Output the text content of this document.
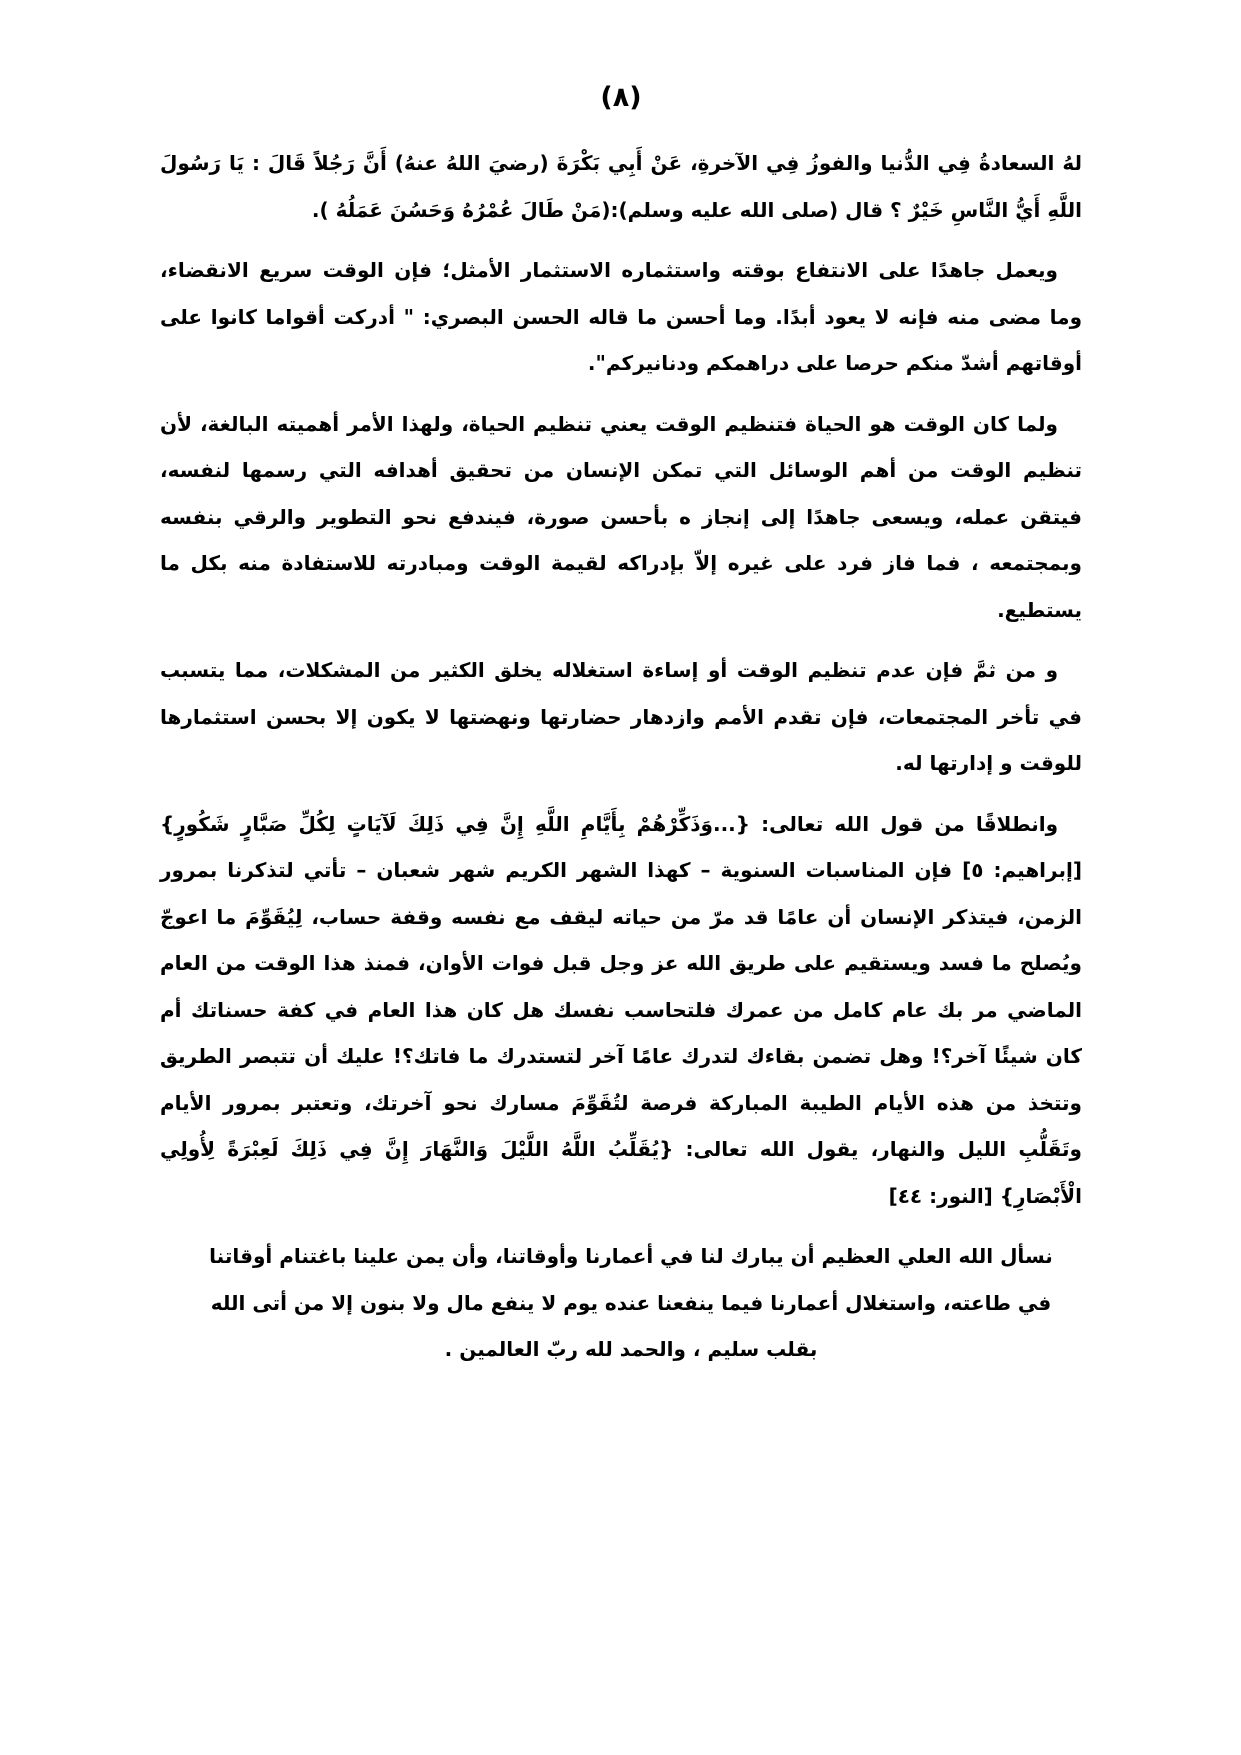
(٨)

لهُ السعادةُ فِي الدُّنيا والفوزُ فِي الآخرةِ، عَنْ أَبِي بَكْرَةَ (رضيَ اللهُ عنهُ) أَنَّ رَجُلاً قَالَ : يَا رَسُولَ اللَّهِ أَيُّ النَّاسِ خَيْرٌ ؟ قال (صلى الله عليه وسلم):(مَنْ طَالَ عُمْرُهُ وَحَسُنَ عَمَلُهُ ).

ويعمل جاهدًا على الانتفاع بوقته واستثماره الاستثمار الأمثل؛ فإن الوقت سريع الانقضاء، وما مضى منه فإنه لا يعود أبدًا. وما أحسن ما قاله الحسن البصري: " أدركت أقواما كانوا على أوقاتهم أشدّ منكم حرصا على دراهمكم ودنانيركم".

ولما كان الوقت هو الحياة فتنظيم الوقت يعني تنظيم الحياة، ولهذا الأمر أهميته البالغة، لأن تنظيم الوقت من أهم الوسائل التي تمكن الإنسان من تحقيق أهدافه التي رسمها لنفسه، فيتقن عمله، ويسعى جاهدًا إلى إنجاز ه بأحسن صورة، فيندفع نحو التطوير والرقي بنفسه وبمجتمعه ، فما فاز فرد على غيره إلاّ بإدراكه لقيمة الوقت ومبادرته للاستفادة منه بكل ما يستطيع.

و من ثمَّ فإن عدم تنظيم الوقت أو إساءة استغلاله يخلق الكثير من المشكلات، مما يتسبب في تأخر المجتمعات، فإن تقدم الأمم وازدهار حضارتها ونهضتها لا يكون إلا بحسن استثمارها للوقت و إدارتها له.

وانطلاقًا من قول الله تعالى: {...وَذَكِّرْهُمْ بِأَيَّامِ اللَّهِ إِنَّ فِي ذَلِكَ لَآيَاتٍ لِكُلِّ صَبَّارٍ شَكُورٍ}[إبراهيم: ٥] فإن المناسبات السنوية – كهذا الشهر الكريم شهر شعبان – تأتي لتذكرنا بمرور الزمن، فيتذكر الإنسان أن عامًا قد مرّ من حياته ليقف مع نفسه وقفة حساب، لِيُقَوِّمَ ما اعوجّ ويُصلح ما فسد ويستقيم على طريق الله عز وجل قبل فوات الأوان، فمنذ هذا الوقت من العام الماضي مر بك عام كامل من عمرك فلتحاسب نفسك هل كان هذا العام في كفة حسناتك أم كان شيئًا آخر؟! وهل تضمن بقاءك لتدرك عامًا آخر لتستدرك ما فاتك؟! عليك أن تتبصر الطريق وتتخذ من هذه الأيام الطيبة المباركة فرصة لتُقَوِّمَ مسارك نحو آخرتك، وتعتبر بمرور الأيام وتَقَلُّبِ الليل والنهار، يقول الله تعالى: {يُقَلِّبُ اللَّهُ اللَّيْلَ وَالنَّهَارَ إِنَّ فِي ذَلِكَ لَعِبْرَةً لِأُولِي الْأَبْصَارِ} [النور: ٤٤]

نسأل الله العلي العظيم أن يبارك لنا في أعمارنا وأوقاتنا، وأن يمن علينا باغتنام أوقاتنا في طاعته، واستغلال أعمارنا فيما ينفعنا عنده يوم لا ينفع مال ولا بنون إلا من أتى الله بقلب سليم ، والحمد لله ربّ العالمين .
